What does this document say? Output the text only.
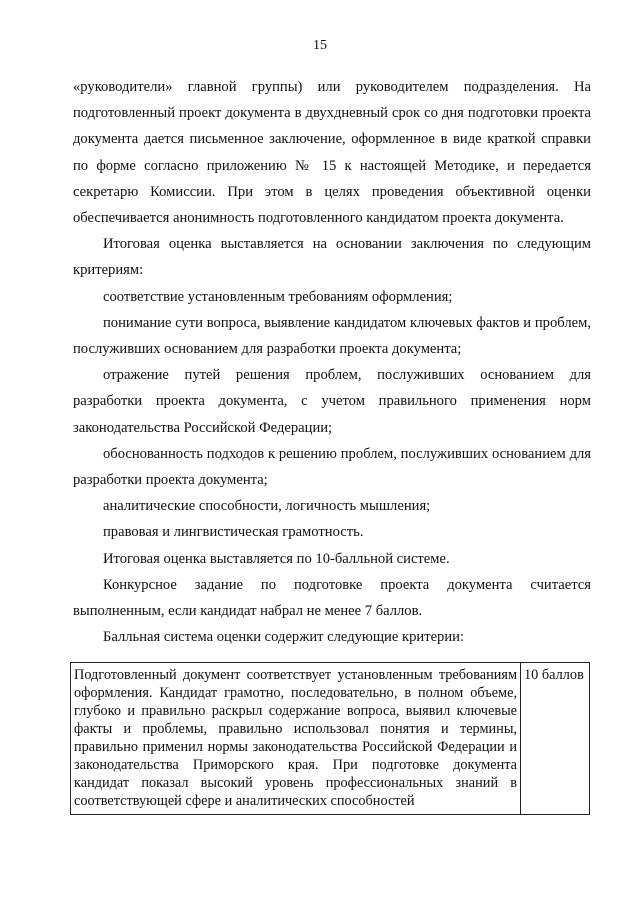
15

«руководители» главной группы) или руководителем подразделения. На подготовленный проект документа в двухдневный срок со дня подготовки проекта документа дается письменное заключение, оформленное в виде краткой справки по форме согласно приложению № 15 к настоящей Методике, и передается секретарю Комиссии. При этом в целях проведения объективной оценки обеспечивается анонимность подготовленного кандидатом проекта документа.

Итоговая оценка выставляется на основании заключения по следующим критериям:

соответствие установленным требованиям оформления;

понимание сути вопроса, выявление кандидатом ключевых фактов и проблем, послуживших основанием для разработки проекта документа;

отражение путей решения проблем, послуживших основанием для разработки проекта документа, с учетом правильного применения норм законодательства Российской Федерации;

обоснованность подходов к решению проблем, послуживших основанием для разработки проекта документа;

аналитические способности, логичность мышления;

правовая и лингвистическая грамотность.

Итоговая оценка выставляется по 10-балльной системе.

Конкурсное задание по подготовке проекта документа считается выполненным, если кандидат набрал не менее 7 баллов.

Балльная система оценки содержит следующие критерии:

Подготовленный документ соответствует установленным требованиям оформления. Кандидат грамотно, последовательно, в полном объеме, глубоко и правильно раскрыл содержание вопроса, выявил ключевые факты и проблемы, правильно использовал понятия и термины, правильно применил нормы законодательства Российской Федерации и законодательства Приморского края. При подготовке документа кандидат показал высокий уровень профессиональных знаний в соответствующей сфере и аналитических способностей	10 баллов
